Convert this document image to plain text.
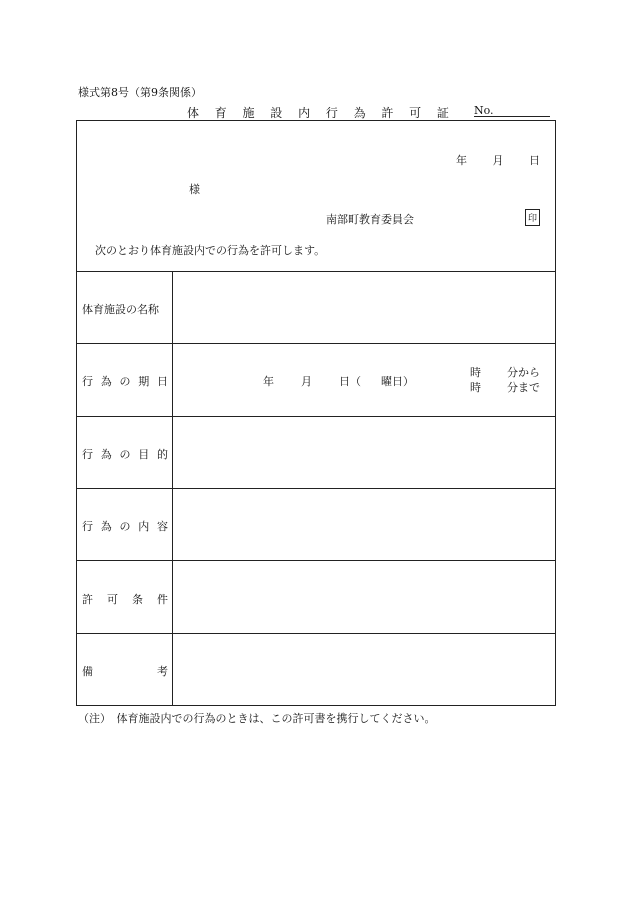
様式第8号（第9条関係）
体 育 施 設 内 行 為 許 可 証 No.
年 月 日
様
南部町教育委員会	印
次のとおり体育施設内での行為を許可します。
体育施設の名称
行 為 の 期 日
行 為 の 目 的
行 為 の 内 容
許 可 条 件
備	考
年 月 日（ 曜日）
時 分から
時 分まで
（注）　体育施設内での行為のときは、この許可書を携行してください。
